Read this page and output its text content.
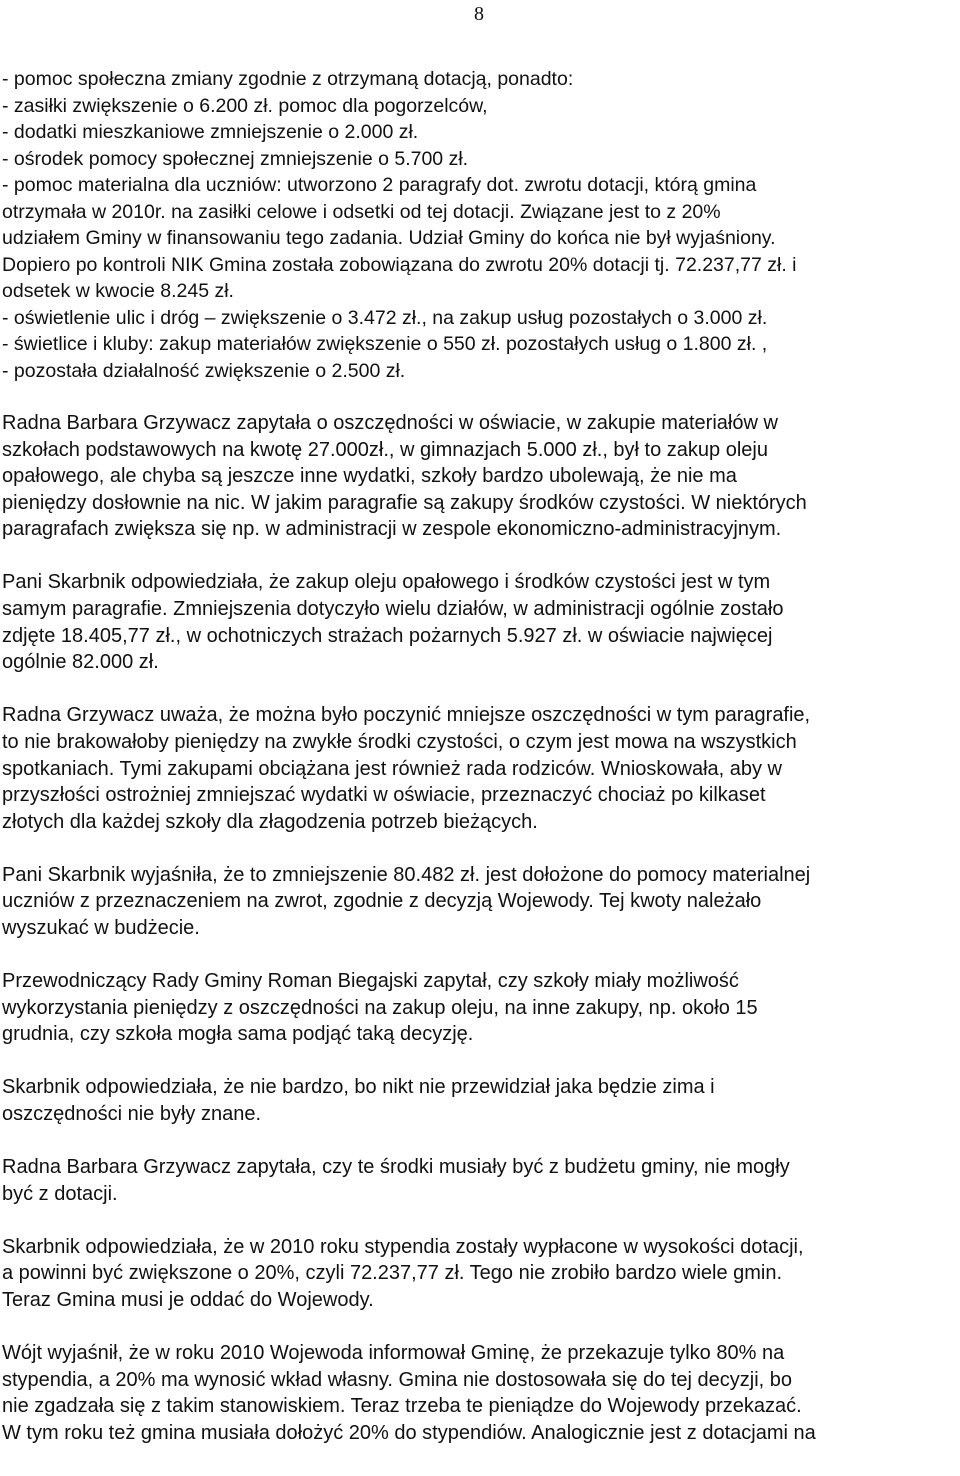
8
- pomoc społeczna zmiany zgodnie z otrzymaną dotacją, ponadto:
- zasiłki zwiększenie o 6.200 zł. pomoc dla pogorzelców,
- dodatki mieszkaniowe zmniejszenie o 2.000 zł.
- ośrodek pomocy społecznej zmniejszenie o 5.700 zł.
- pomoc materialna dla uczniów: utworzono 2 paragrafy dot. zwrotu dotacji, którą gmina
otrzymała w 2010r. na zasiłki celowe i odsetki od tej dotacji. Związane jest to z 20%
udziałem Gminy w finansowaniu tego zadania. Udział Gminy do końca nie był wyjaśniony.
Dopiero po kontroli NIK Gmina została zobowiązana do zwrotu 20% dotacji tj. 72.237,77 zł. i
odsetek w kwocie 8.245 zł.
- oświetlenie ulic i dróg – zwiększenie o 3.472 zł., na zakup usług pozostałych o 3.000 zł.
- świetlice i kluby: zakup materiałów zwiększenie o 550 zł. pozostałych usług o 1.800 zł. ,
- pozostała działalność zwiększenie o 2.500 zł.
Radna Barbara Grzywacz zapytała o oszczędności w oświacie, w zakupie materiałów w
szkołach podstawowych na kwotę 27.000zł., w gimnazjach 5.000 zł., był to zakup oleju
opałowego, ale chyba są jeszcze inne wydatki, szkoły bardzo ubolewają, że nie ma
pieniędzy dosłownie na nic. W jakim paragrafie są zakupy środków czystości. W niektórych
paragrafach zwiększa się np. w administracji w zespole ekonomiczno-administracyjnym.
Pani Skarbnik odpowiedziała, że zakup oleju opałowego i środków czystości jest w tym
samym paragrafie. Zmniejszenia dotyczyło wielu działów, w administracji ogólnie zostało
zdjęte 18.405,77 zł., w ochotniczych strażach pożarnych 5.927 zł. w oświacie najwięcej
ogólnie 82.000 zł.
Radna Grzywacz uważa, że można było poczynić mniejsze oszczędności w tym paragrafie,
to nie brakowałoby pieniędzy na zwykłe środki czystości, o czym jest mowa na wszystkich
spotkaniach. Tymi zakupami obciążana jest również rada rodziców. Wnioskowała, aby w
przyszłości ostrożniej zmniejszać wydatki w oświacie, przeznaczyć chociaż po kilkaset
złotych dla każdej szkoły dla złagodzenia potrzeb bieżących.
Pani Skarbnik wyjaśniła, że to zmniejszenie 80.482 zł. jest dołożone do pomocy materialnej
uczniów z przeznaczeniem na zwrot, zgodnie z decyzją Wojewody. Tej kwoty należało
wyszukać w budżecie.
Przewodniczący Rady Gminy Roman Biegajski zapytał, czy szkoły miały możliwość
wykorzystania pieniędzy z oszczędności na zakup oleju, na inne zakupy, np. około 15
grudnia, czy szkoła mogła sama podjąć taką decyzję.
Skarbnik odpowiedziała, że nie bardzo, bo nikt nie przewidział jaka będzie zima i
oszczędności nie były znane.
Radna Barbara Grzywacz zapytała, czy te środki musiały być z budżetu gminy, nie mogły
być z dotacji.
Skarbnik odpowiedziała, że w 2010 roku stypendia zostały wypłacone w wysokości dotacji,
a powinni być zwiększone o 20%, czyli 72.237,77 zł. Tego nie zrobiło bardzo wiele gmin.
Teraz Gmina musi je oddać do Wojewody.
Wójt wyjaśnił, że w roku 2010 Wojewoda informował Gminę, że przekazuje tylko 80% na
stypendia, a 20% ma wynosić wkład własny. Gmina nie dostosowała się do tej decyzji, bo
nie zgadzała się z takim stanowiskiem. Teraz trzeba te pieniądze do Wojewody przekazać.
W tym roku też gmina musiała dołożyć 20% do stypendiów. Analogicznie jest z dotacjami na
